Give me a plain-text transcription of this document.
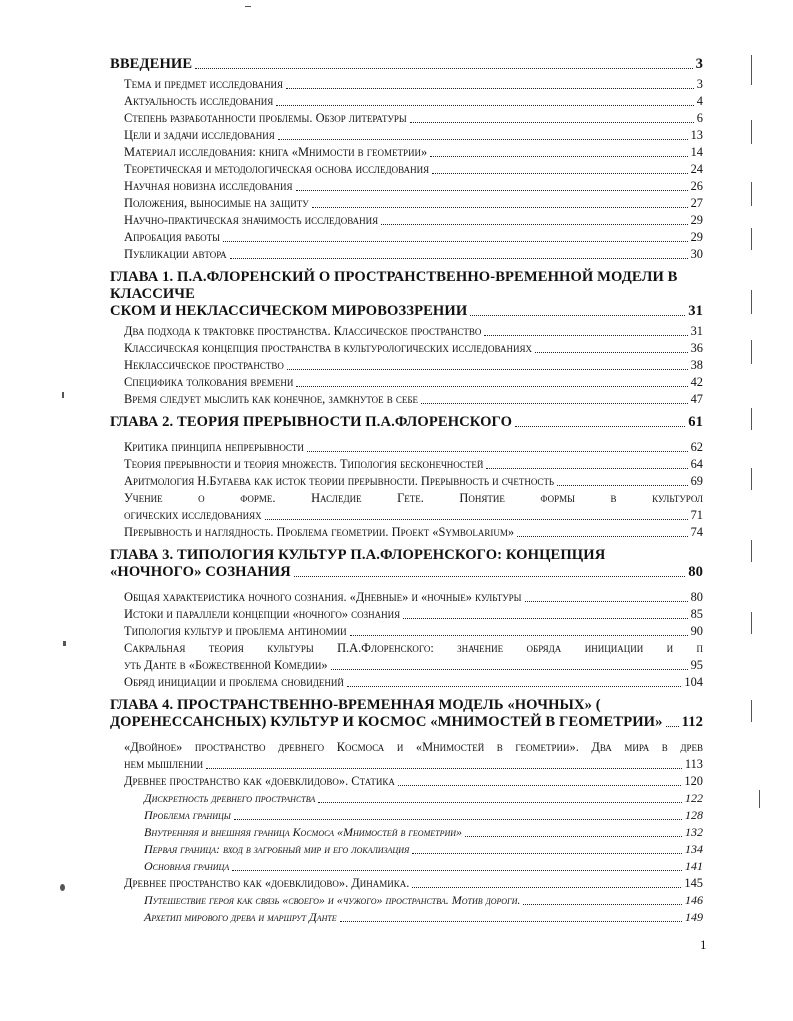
ВВЕДЕНИЕ	3
Тема и предмет исследования	3
Актуальность исследования	4
Степень разработанности проблемы. Обзор литературы	6
Цели и задачи исследования	13
Материал исследования: книга «Мнимости в геометрии»	14
Теоретическая и методологическая основа исследования	24
Научная новизна исследования	26
Положения, выносимые на защиту	27
Научно-практическая значимость исследования	29
Апробация работы	29
Публикации автора	30
ГЛАВА 1. П.А.ФЛОРЕНСКИЙ О ПРОСТРАНСТВЕННО-ВРЕМЕННОЙ МОДЕЛИ В КЛАССИЧЕ
СКОМ И НЕКЛАССИЧЕСКОМ МИРОВОЗЗРЕНИИ	31
Два подхода к трактовке пространства. Классическое пространство	31
Классическая концепция пространства в культурологических исследованиях	36
Неклассическое пространство	38
Специфика толкования времени	42
Время следует мыслить как конечное, замкнутое в себе	47
ГЛАВА 2. ТЕОРИЯ ПРЕРЫВНОСТИ П.А.ФЛОРЕНСКОГО	61
Критика принципа непрерывности	62
Теория прерывности и теория множеств. Типология бесконечностей	64
Аритмология Н.Бугаева как исток теории прерывности. Прерывность и счетность	69
Учение о форме. Наследие Гете. Понятие формы в культурол
огических исследованиях	71
Прерывность и наглядность. Проблема геометрии. Проект «Symbolarium»	74
ГЛАВА 3. ТИПОЛОГИЯ КУЛЬТУР П.А.ФЛОРЕНСКОГО: КОНЦЕПЦИЯ
«НОЧНОГО» СОЗНАНИЯ	80
Общая характеристика ночного сознания. «Дневные» и «ночные» культуры	80
Истоки и параллели концепции «ночного» сознания	85
Типология культур и проблема антиномии	90
Сакральная теория культуры П.А.Флоренского: значение обряда инициации и п
уть Данте в «Божественной Комедии»	95
Обряд инициации и проблема сновидений	104
ГЛАВА 4. ПРОСТРАНСТВЕННО-ВРЕМЕННАЯ МОДЕЛЬ «НОЧНЫХ» (
ДОРЕНЕССАНСНЫХ) КУЛЬТУР И КОСМОС «МНИМОСТЕЙ В ГЕОМЕТРИИ» 112
«Двойное» пространство древнего Космоса и «Мнимостей в геометрии». Два мира в древ
нем мышлении	113
Древнее пространство как «доевклидово». Статика	120
Дискретность древнего пространства	122
Проблема границы	128
Внутренняя и внешняя граница Космоса «Мнимостей в геометрии»	132
Первая граница: вход в загробный мир и его локализация	134
Основная граница	141
Древнее пространство как «доевклидово». Динамика.	145
Путешествие героя как связь «своего» и «чужого» пространства. Мотив дороги.	146
Архетип мирового древа и маршрут Данте	149
1
